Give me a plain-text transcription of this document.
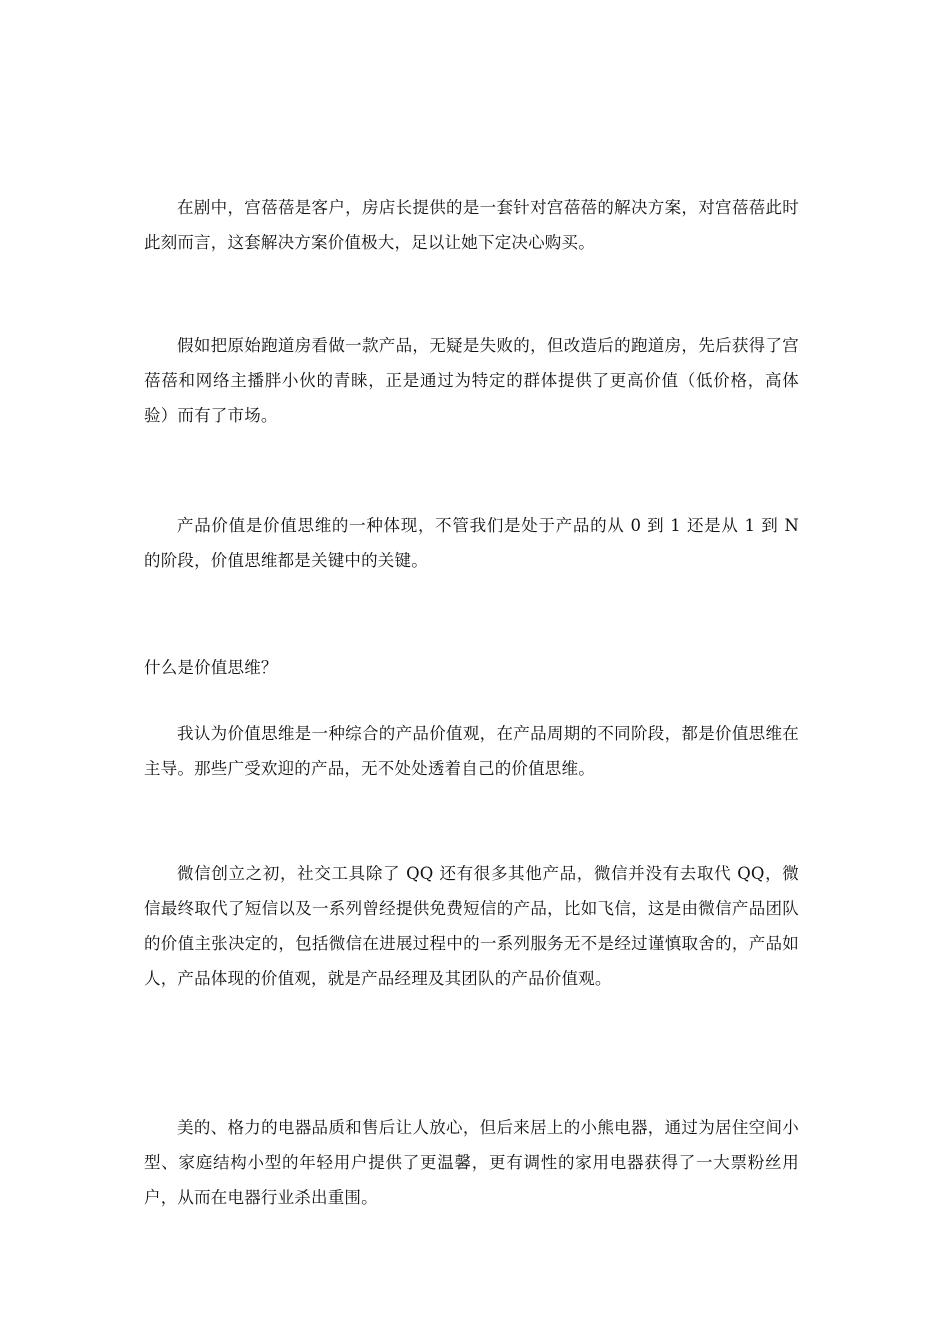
在剧中，宫蓓蓓是客户，房店长提供的是一套针对宫蓓蓓的解决方案，对宫蓓蓓此时此刻而言，这套解决方案价值极大，足以让她下定决心购买。

假如把原始跑道房看做一款产品，无疑是失败的，但改造后的跑道房，先后获得了宫蓓蓓和网络主播胖小伙的青睐，正是通过为特定的群体提供了更高价值（低价格，高体验）而有了市场。

产品价值是价值思维的一种体现，不管我们是处于产品的从 0 到 1 还是从 1 到 N 的阶段，价值思维都是关键中的关键。

什么是价值思维？

我认为价值思维是一种综合的产品价值观，在产品周期的不同阶段，都是价值思维在主导。那些广受欢迎的产品，无不处处透着自己的价值思维。

微信创立之初，社交工具除了 QQ 还有很多其他产品，微信并没有去取代 QQ，微信最终取代了短信以及一系列曾经提供免费短信的产品，比如飞信，这是由微信产品团队的价值主张决定的，包括微信在进展过程中的一系列服务无不是经过谨慎取舍的，产品如人，产品体现的价值观，就是产品经理及其团队的产品价值观。

美的、格力的电器品质和售后让人放心，但后来居上的小熊电器，通过为居住空间小型、家庭结构小型的年轻用户提供了更温馨，更有调性的家用电器获得了一大票粉丝用户，从而在电器行业杀出重围。
